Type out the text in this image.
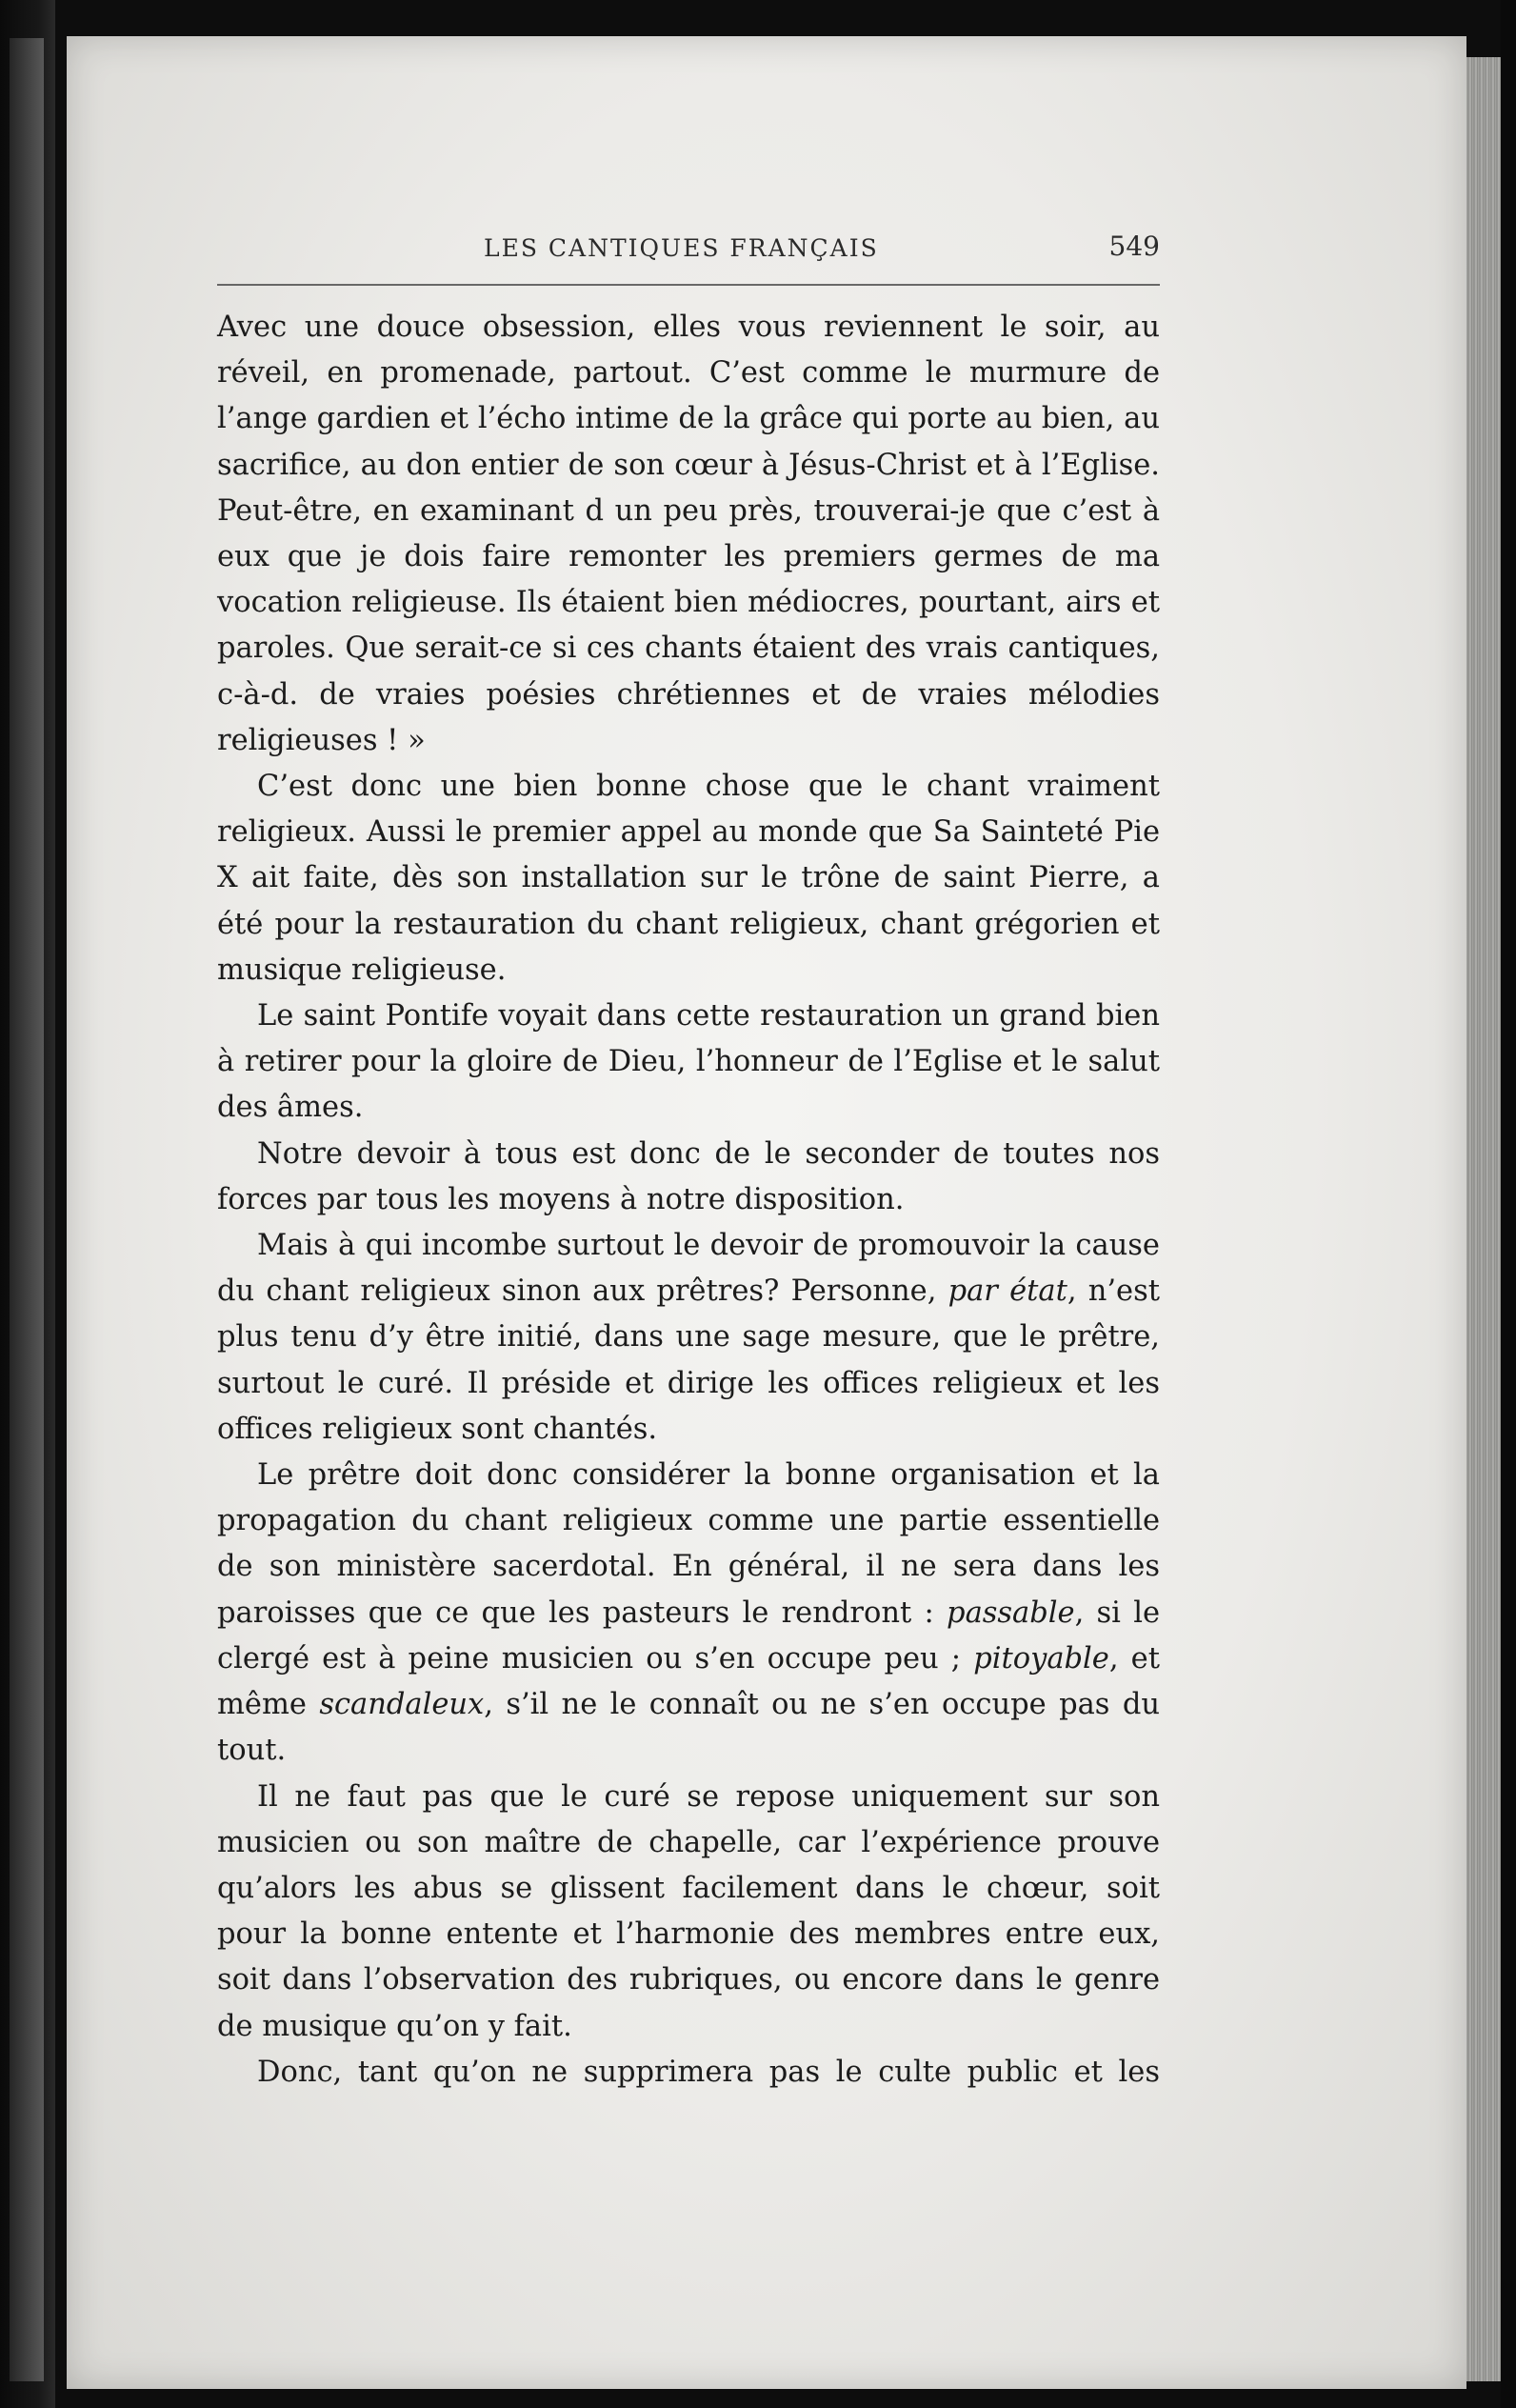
LES CANTIQUES FRANÇAIS	549

Avec une douce obsession, elles vous reviennent le soir, au réveil, en promenade, partout. C’est comme le murmure de l’ange gardien et l’écho intime de la grâce qui porte au bien, au sacrifice, au don entier de son cœur à Jésus-Christ et à l’Eglise. Peut-être, en examinant d un peu près, trouverai-je que c’est à eux que je dois faire remonter les premiers germes de ma vocation religieuse. Ils étaient bien médiocres, pourtant, airs et paroles. Que serait-ce si ces chants étaient des vrais cantiques, c-à-d. de vraies poésies chrétiennes et de vraies mélodies religieuses ! »

C’est donc une bien bonne chose que le chant vraiment religieux. Aussi le premier appel au monde que Sa Sainteté Pie X ait faite, dès son installation sur le trône de saint Pierre, a été pour la restauration du chant religieux, chant grégorien et musique religieuse.

Le saint Pontife voyait dans cette restauration un grand bien à retirer pour la gloire de Dieu, l’honneur de l’Eglise et le salut des âmes.

Notre devoir à tous est donc de le seconder de toutes nos forces par tous les moyens à notre disposition.

Mais à qui incombe surtout le devoir de promouvoir la cause du chant religieux sinon aux prêtres? Personne, par état, n’est plus tenu d’y être initié, dans une sage mesure, que le prêtre, surtout le curé. Il préside et dirige les offices religieux et les offices religieux sont chantés.

Le prêtre doit donc considérer la bonne organisation et la propagation du chant religieux comme une partie essentielle de son ministère sacerdotal. En général, il ne sera dans les paroisses que ce que les pasteurs le rendront : passable, si le clergé est à peine musicien ou s’en occupe peu ; pitoyable, et même scandaleux, s’il ne le connaît ou ne s’en occupe pas du tout.

Il ne faut pas que le curé se repose uniquement sur son musicien ou son maître de chapelle, car l’expérience prouve qu’alors les abus se glissent facilement dans le chœur, soit pour la bonne entente et l’harmonie des membres entre eux, soit dans l’observation des rubriques, ou encore dans le genre de musique qu’on y fait.

Donc, tant qu’on ne supprimera pas le culte public et les
